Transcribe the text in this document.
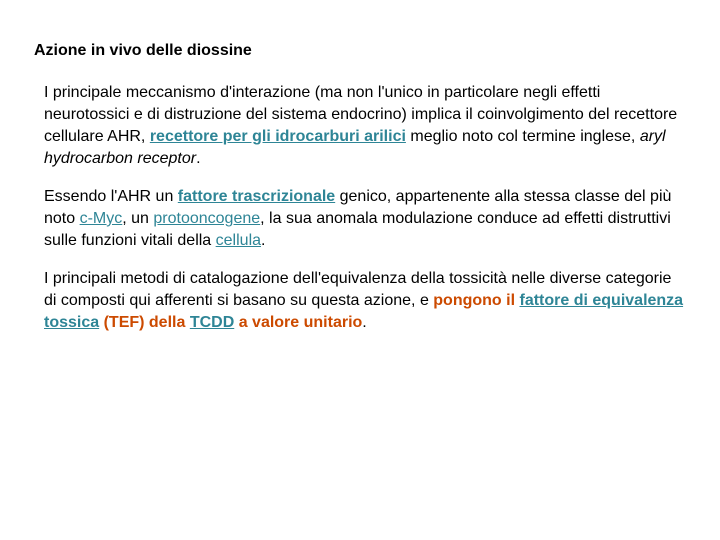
Azione in vivo delle diossine

I principale meccanismo d'interazione (ma non l'unico in particolare negli effetti neurotossici e di distruzione del sistema endocrino) implica il coinvolgimento del recettore cellulare AHR, recettore per gli idrocarburi arilici meglio noto col termine inglese, aryl hydrocarbon receptor.

Essendo l'AHR un fattore trascrizionale genico, appartenente alla stessa classe del più noto c-Myc, un protooncogene, la sua anomala modulazione conduce ad effetti distruttivi sulle funzioni vitali della cellula.

I principali metodi di catalogazione dell'equivalenza della tossicità nelle diverse categorie di composti qui afferenti si basano su questa azione, e pongono il fattore di equivalenza tossica (TEF) della TCDD a valore unitario.
